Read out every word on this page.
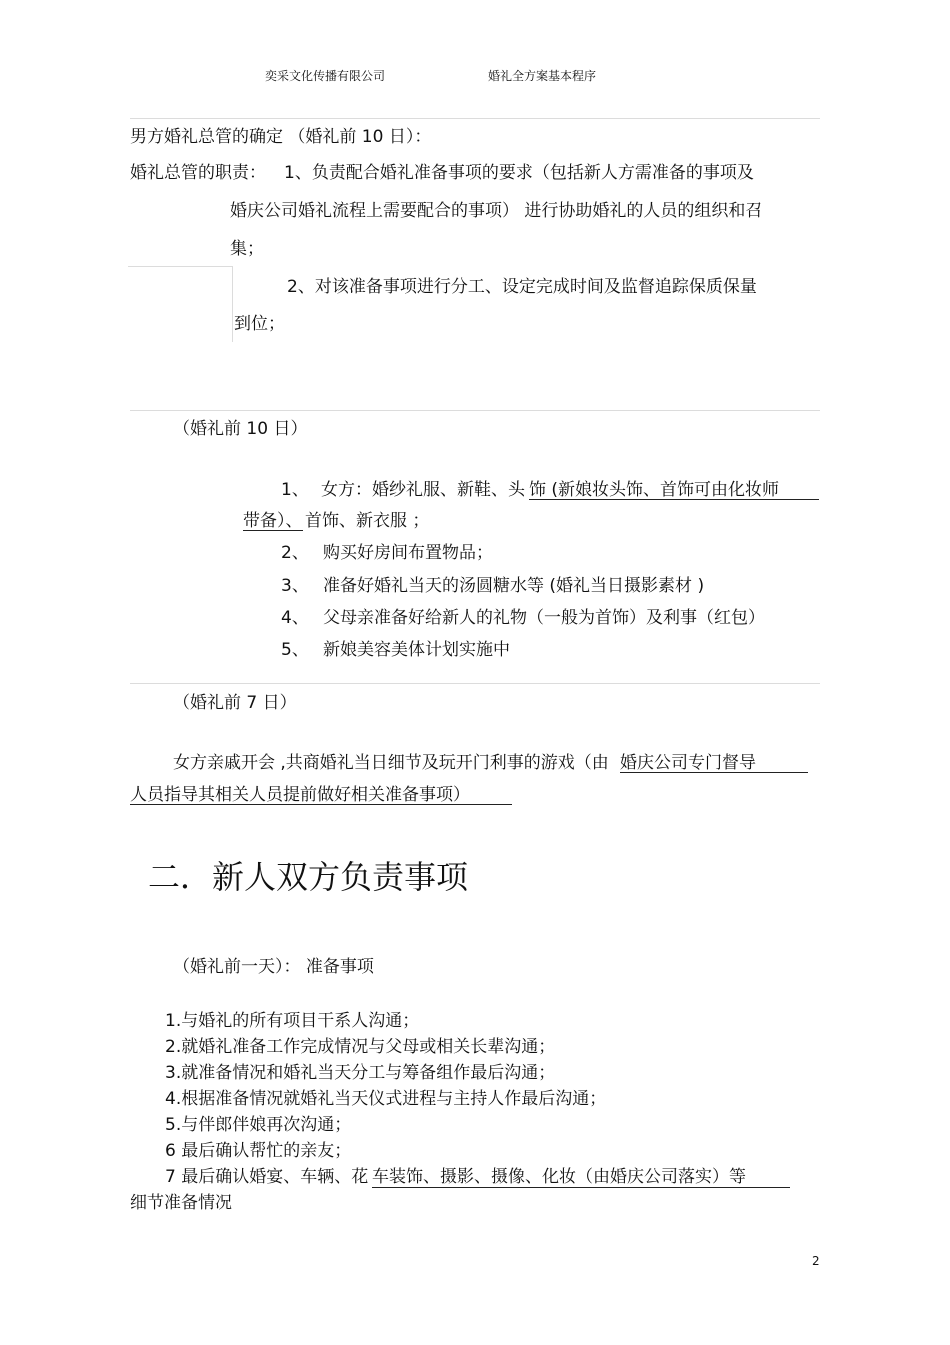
奕采文化传播有限公司	婚礼全方案基本程序
男方婚礼总管的确定 （婚礼前 10 日）：
婚礼总管的职责： 1、负责配合婚礼准备事项的要求（包括新人方需准备的事项及
婚庆公司婚礼流程上需要配合的事项） 进行协助婚礼的人员的组织和召
集；
2、对该准备事项进行分工、设定完成时间及监督追踪保质保量
到位；
（婚礼前 10 日）
1、 女方：婚纱礼服、新鞋、头 饰 (新娘妆头饰、首饰可由化妆师
带备）、 首饰、新衣服 ；
2、 购买好房间布置物品；
3、 准备好婚礼当天的汤圆糖水等 (婚礼当日摄影素材 )
4、 父母亲准备好给新人的礼物（一般为首饰）及利事（红包）
5、 新娘美容美体计划实施中
（婚礼前 7 日）
女方亲戚开会 ,共商婚礼当日细节及玩开门利事的游戏（由 婚庆公司专门督导
人员指导其相关人员提前做好相关准备事项）
二．新人双方负责事项
（婚礼前一天）： 准备事项
1.与婚礼的所有项目干系人沟通；
2.就婚礼准备工作完成情况与父母或相关长辈沟通；
3.就准备情况和婚礼当天分工与筹备组作最后沟通；
4.根据准备情况就婚礼当天仪式进程与主持人作最后沟通；
5.与伴郎伴娘再次沟通；
6 最后确认帮忙的亲友；
7 最后确认婚宴、车辆、花 车装饰、摄影、摄像、化妆（由婚庆公司落实）等
细节准备情况
2
